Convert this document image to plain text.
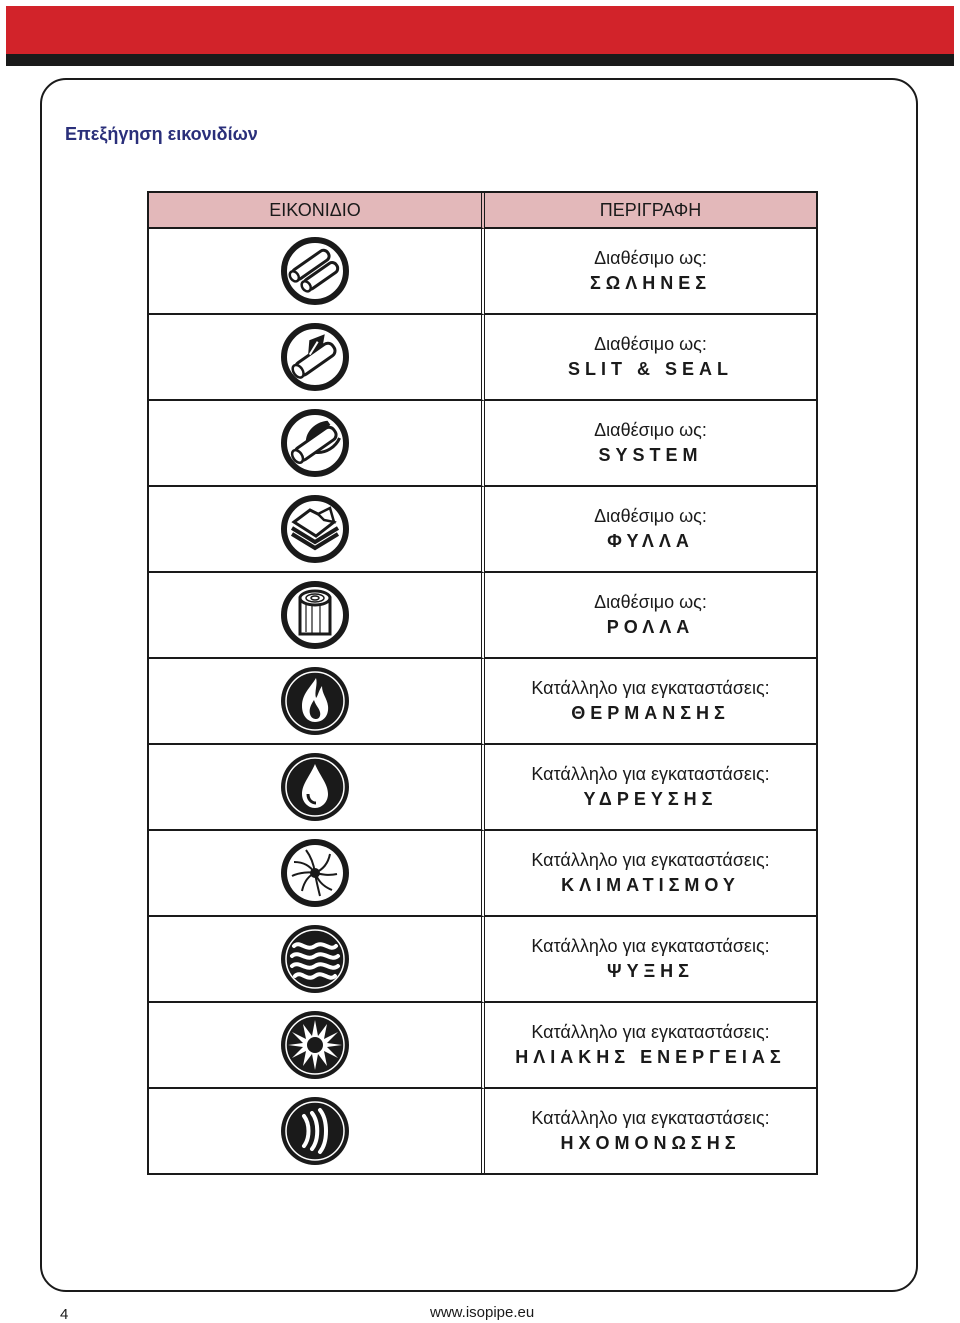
Επεξήγηση εικονιδίων
ΕΙΚΟΝΙΔΙΟ	ΠΕΡΙΓΡΑΦΗ

Διαθέσιμο ως:
ΣΩΛΗΝΕΣ

Διαθέσιμο ως:
SLIT & SEAL

Διαθέσιμο ως:
SYSTEM

Διαθέσιμο ως:
ΦΥΛΛΑ

Διαθέσιμο ως:
ΡΟΛΛΑ

Κατάλληλο για εγκαταστάσεις:
ΘΕΡΜΑΝΣΗΣ

Κατάλληλο για εγκαταστάσεις:
ΥΔΡΕΥΣΗΣ

Κατάλληλο για εγκαταστάσεις:
ΚΛΙΜΑΤΙΣΜΟΥ

Κατάλληλο για εγκαταστάσεις:
ΨΥΞΗΣ

Κατάλληλο για εγκαταστάσεις:
ΗΛΙΑΚΗΣ ΕΝΕΡΓΕΙΑΣ

Κατάλληλο για εγκαταστάσεις:
ΗΧΟΜΟΝΩΣΗΣ
4	www.isopipe.eu
